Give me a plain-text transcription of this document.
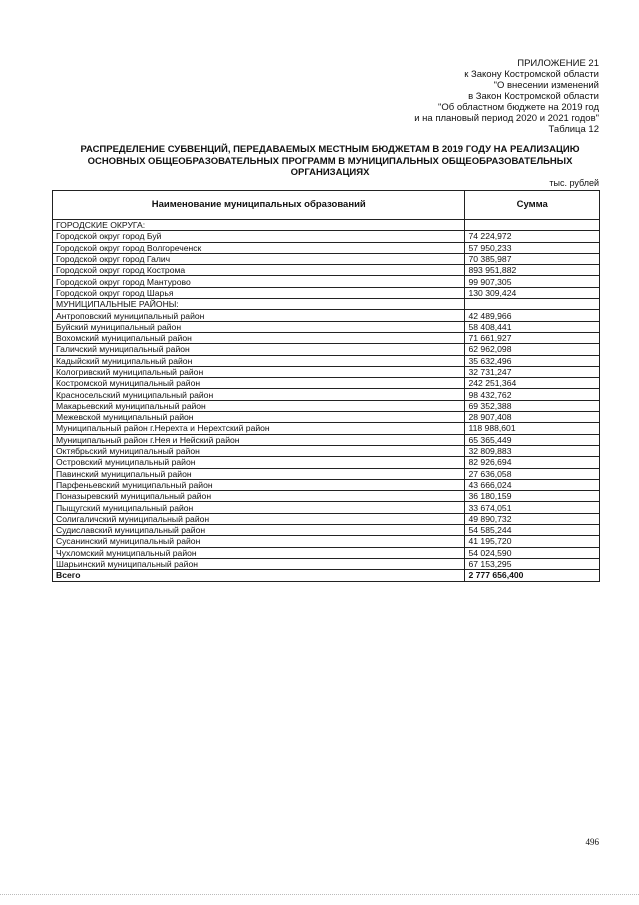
ПРИЛОЖЕНИЕ 21
к Закону Костромской области
"О внесении изменений
в Закон Костромской области
"Об областном бюджете на 2019 год
и на плановый период 2020 и 2021 годов"
Таблица 12
РАСПРЕДЕЛЕНИЕ СУБВЕНЦИЙ, ПЕРЕДАВАЕМЫХ МЕСТНЫМ БЮДЖЕТАМ В 2019 ГОДУ НА РЕАЛИЗАЦИЮ
ОСНОВНЫХ ОБЩЕОБРАЗОВАТЕЛЬНЫХ ПРОГРАММ В МУНИЦИПАЛЬНЫХ ОБЩЕОБРАЗОВАТЕЛЬНЫХ
ОРГАНИЗАЦИЯХ
тыс. рублей
Наименование муниципальных образований	Сумма
ГОРОДСКИЕ ОКРУГА:	
Городской округ город Буй	74 224,972
Городской округ город Волгореченск	57 950,233
Городской округ город Галич	70 385,987
Городской округ город Кострома	893 951,882
Городской округ город Мантурово	99 907,305
Городской округ город Шарья	130 309,424
МУНИЦИПАЛЬНЫЕ РАЙОНЫ:	
Антроповский муниципальный район	42 489,966
Буйский муниципальный район	58 408,441
Вохомский муниципальный район	71 661,927
Галичский муниципальный район	62 962,098
Кадыйский муниципальный район	35 632,496
Кологривский муниципальный район	32 731,247
Костромской муниципальный район	242 251,364
Красносельский муниципальный район	98 432,762
Макарьевский муниципальный район	69 352,388
Межевской муниципальный район	28 907,408
Муниципальный район г.Нерехта и Нерехтский район	118 988,601
Муниципальный район г.Нея и Нейский район	65 365,449
Октябрьский муниципальный район	32 809,883
Островский муниципальный район	82 926,694
Павинский муниципальный район	27 636,058
Парфеньевский муниципальный район	43 666,024
Поназыревский муниципальный район	36 180,159
Пыщугский муниципальный район	33 674,051
Солигаличский муниципальный район	49 890,732
Судиславский муниципальный район	54 585,244
Сусанинский муниципальный район	41 195,720
Чухломский муниципальный район	54 024,590
Шарьинский муниципальный район	67 153,295
Всего	2 777 656,400
496
